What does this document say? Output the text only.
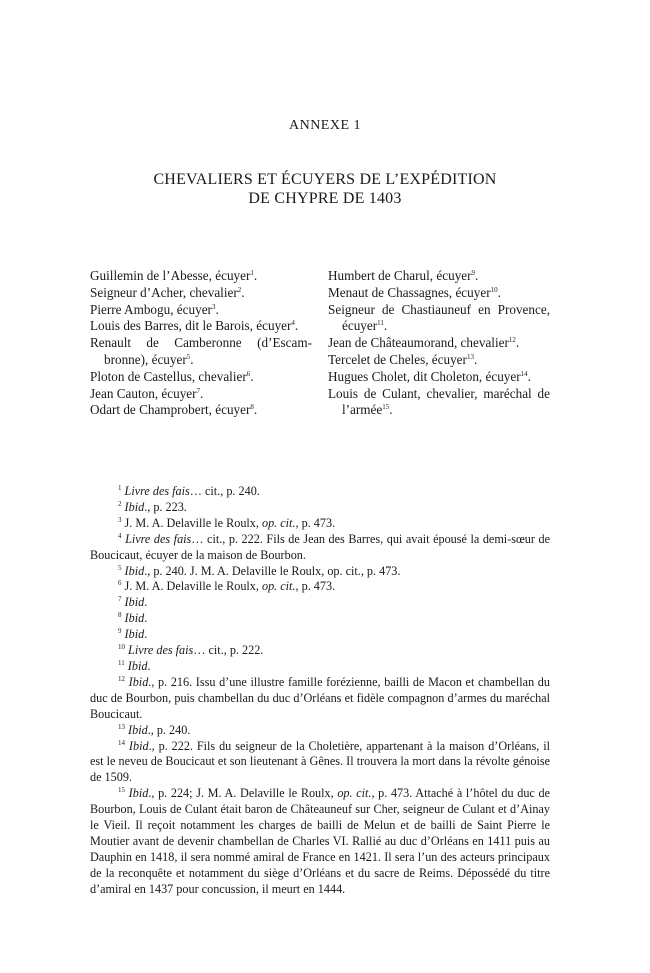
ANNEXE 1
CHEVALIERS ET ÉCUYERS DE L’EXPÉDITION
DE CHYPRE DE 1403
Guillemin de l’Abesse, écuyer$^1$.
Seigneur d’Acher, chevalier$^2$.
Pierre Ambogu, écuyer$^3$.
Louis des Barres, dit le Barois, écuyer$^4$.
Renault de Camberonne (d’Escambronne), écuyer$^5$.
Ploton de Castellus, chevalier$^6$.
Jean Cauton, écuyer$^7$.
Odart de Champrobert, écuyer$^8$.
Humbert de Charul, écuyer$^9$.
Menaut de Chassagnes, écuyer$^{10}$.
Seigneur de Chastiauneuf en Provence, écuyer$^{11}$.
Jean de Châteaumorand, chevalier$^{12}$.
Tercelet de Cheles, écuyer$^{13}$.
Hugues Cholet, dit Choleton, écuyer$^{14}$.
Louis de Culant, chevalier, maréchal de l’armée$^{15}$.
$^1$ Livre des fais… cit., p. 240.
$^2$ Ibid., p. 223.
$^3$ J. M. A. Delaville le Roulx, op. cit., p. 473.
$^4$ Livre des fais… cit., p. 222. Fils de Jean des Barres, qui avait épousé la demi-sœur de Boucicaut, écuyer de la maison de Bourbon.
$^5$ Ibid., p. 240. J. M. A. Delaville le Roulx, op. cit., p. 473.
$^6$ J. M. A. Delaville le Roulx, op. cit., p. 473.
$^7$ Ibid.
$^8$ Ibid.
$^9$ Ibid.
$^{10}$ Livre des fais… cit., p. 222.
$^{11}$ Ibid.
$^{12}$ Ibid., p. 216. Issu d’une illustre famille forézienne, bailli de Macon et chambellan du duc de Bourbon, puis chambellan du duc d’Orléans et fidèle compagnon d’armes du maréchal Boucicaut.
$^{13}$ Ibid., p. 240.
$^{14}$ Ibid., p. 222. Fils du seigneur de la Choletière, appartenant à la maison d’Orléans, il est le neveu de Boucicaut et son lieutenant à Gênes. Il trouvera la mort dans la révolte génoise de 1509.
$^{15}$ Ibid., p. 224; J. M. A. Delaville le Roulx, op. cit., p. 473. Attaché à l’hôtel du duc de Bourbon, Louis de Culant était baron de Châteauneuf sur Cher, seigneur de Culant et d’Ainay le Vieil. Il reçoit notamment les charges de bailli de Melun et de bailli de Saint Pierre le Moutier avant de devenir chambellan de Charles VI. Rallié au duc d’Orléans en 1411 puis au Dauphin en 1418, il sera nommé amiral de France en 1421. Il sera l’un des acteurs principaux de la reconquête et notamment du siège d’Orléans et du sacre de Reims. Dépossédé du titre d’amiral en 1437 pour concussion, il meurt en 1444.
